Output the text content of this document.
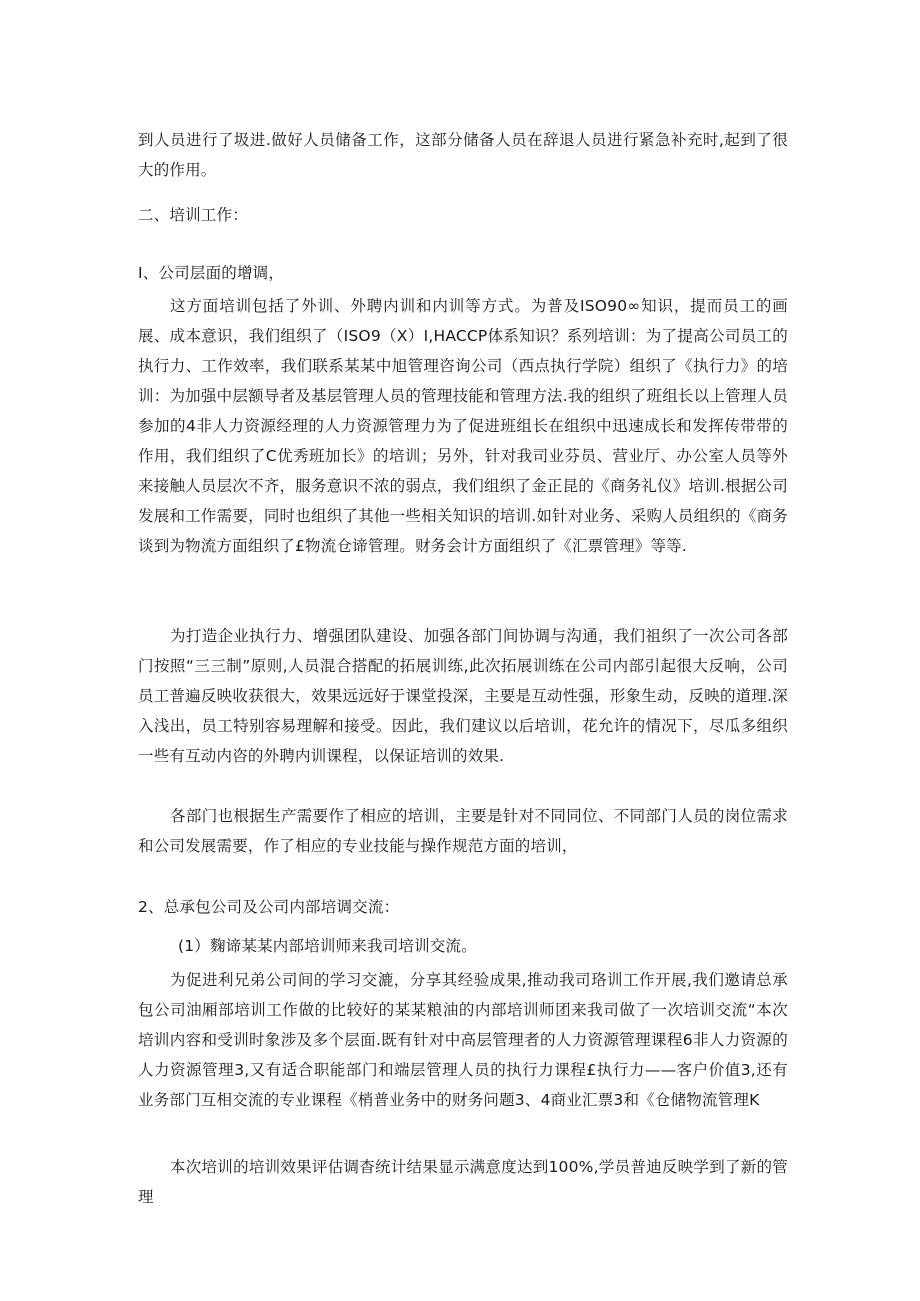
到人员进行了圾进.做好人员储备工作，这部分储备人员在辞退人员进行紧急补充时,起到了很大的作用。

二、培训工作：

I、公司层面的增调，

这方面培训包括了外训、外聘内训和内训等方式。为普及ISO90∞知识，提而员工的画展、成本意识，我们组织了（ISO9（X）I,HACCP体系知识？系列培训：为了提高公司员工的执行力、工作效率，我们联系某某中旭管理咨询公司（西点执行学院）组织了《执行力》的培训：为加强中层额导者及基层管理人员的管理技能和管理方法.我的组织了班组长以上管理人员参加的4非人力资源经理的人力资源管理力为了促进班组长在组织中迅速成长和发挥传带带的作用，我们组织了C优秀班加长》的培训；另外，针对我司业芬员、营业厅、办公室人员等外来接触人员层次不齐，服务意识不浓的弱点，我们组织了金正昆的《商务礼仪》培训.根据公司发展和工作需要，同时也组织了其他一些相关知识的培训.如针对业务、采购人员组织的《商务谈到为物流方面组织了£物流仓谛管理。财务会计方面组织了《汇票管理》等等.

为打造企业执行力、增强团队建设、加强各部门间协调与沟通，我们祖织了一次公司各部门按照“三三制”原则,人员混合搭配的拓展训练,此次拓展训练在公司内部引起很大反响，公司员工普遍反映收获很大，效果远远好于课堂投深，主要是互动性强，形象生动，反映的道理.深入浅出，员工特别容易理解和接受。因此，我们建议以后培训，花允许的情况下，尽瓜多组织一些有互动内咨的外聘内训课程，以保证培训的效果.

各部门也根据生产需要作了相应的培训，主要是针对不同同位、不同部门人员的岗位需求和公司发展需要，作了相应的专业技能与操作规范方面的培训，

2、总承包公司及公司内部培调交流：

(1）麴谛某某内部培训师来我司培训交流。

为促进利兄弟公司间的学习交漉，分享其经验成果,推动我司珞训工作开展,我们邀请总承包公司油厢部培训工作做的比较好的某某粮油的内部培训师团来我司做了一次培训交流“本次培训内容和受训时象涉及多个层面.既有针对中高层管理者的人力资源管理课程6非人力资源的人力资源管理3,又有适合职能部门和端层管理人员的执行力课程£执行力——客户价值3,还有业务部门互相交流的专业课程《梢普业务中的财务问题3、4商业汇票3和《仓储物流管理K

本次培训的培训效果评估调杳统计结果显示满意度达到100%,学员普迪反映学到了新的管理
